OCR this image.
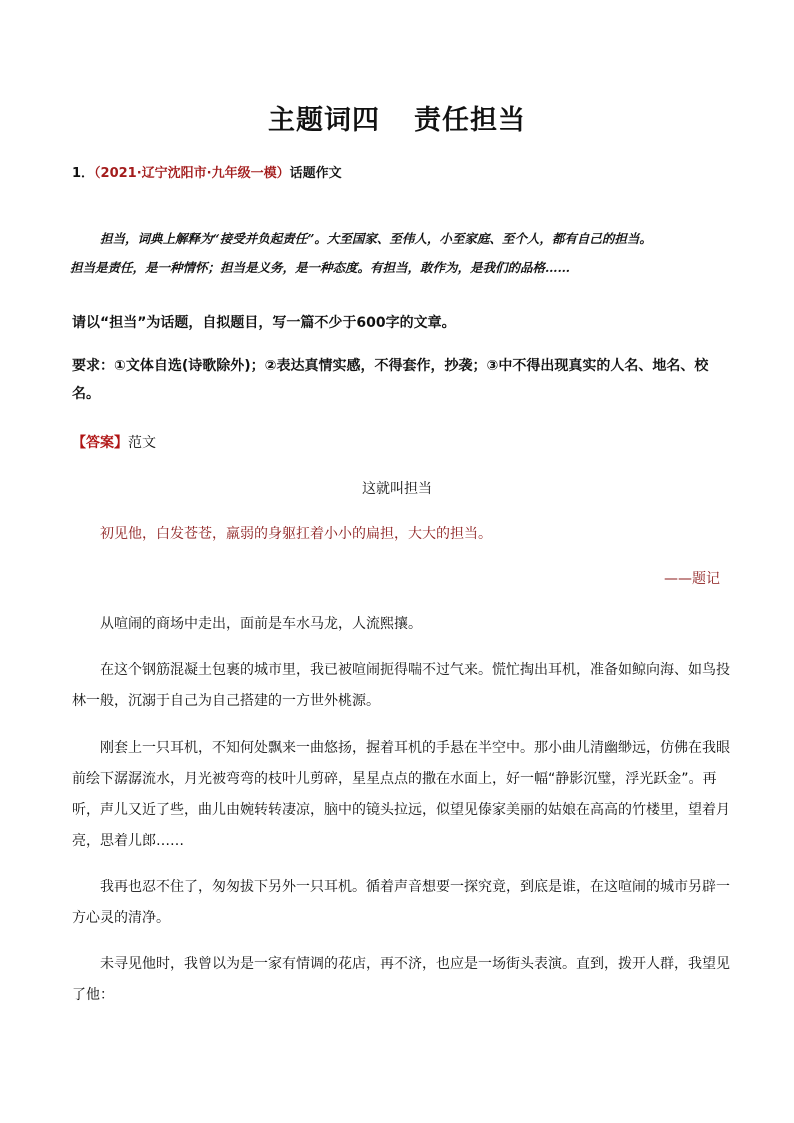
主题词四 责任担当
1．（2021·辽宁沈阳市·九年级一模）话题作文
担当，词典上解释为“接受并负起责任”。大至国家、至伟人，小至家庭、至个人，都有自己的担当。
担当是责任，是一种情怀；担当是义务，是一种态度。有担当，敢作为，是我们的品格……
请以“担当”为话题，自拟题目，写一篇不少于600字的文章。
要求：①文体自选(诗歌除外)；②表达真情实感，不得套作，抄袭；③中不得出现真实的人名、地名、校名。
【答案】范文
这就叫担当
初见他，白发苍苍，羸弱的身躯扛着小小的扁担，大大的担当。
——题记
从喧闹的商场中走出，面前是车水马龙，人流熙攘。
在这个钢筋混凝土包裹的城市里，我已被喧闹扼得喘不过气来。慌忙掏出耳机，准备如鲸向海、如鸟投林一般，沉溺于自己为自己搭建的一方世外桃源。
刚套上一只耳机，不知何处飘来一曲悠扬，握着耳机的手悬在半空中。那小曲儿清幽缈远，仿佛在我眼前绘下潺潺流水，月光被弯弯的枝叶儿剪碎，星星点点的撒在水面上，好一幅“静影沉璧，浮光跃金”。再听，声儿又近了些，曲儿由婉转转凄凉，脑中的镜头拉远，似望见傣家美丽的姑娘在高高的竹楼里，望着月亮，思着儿郎……
我再也忍不住了，匆匆拔下另外一只耳机。循着声音想要一探究竟，到底是谁，在这喧闹的城市另辟一方心灵的清净。
未寻见他时，我曾以为是一家有情调的花店，再不济，也应是一场街头表演。直到，拨开人群，我望见了他：
